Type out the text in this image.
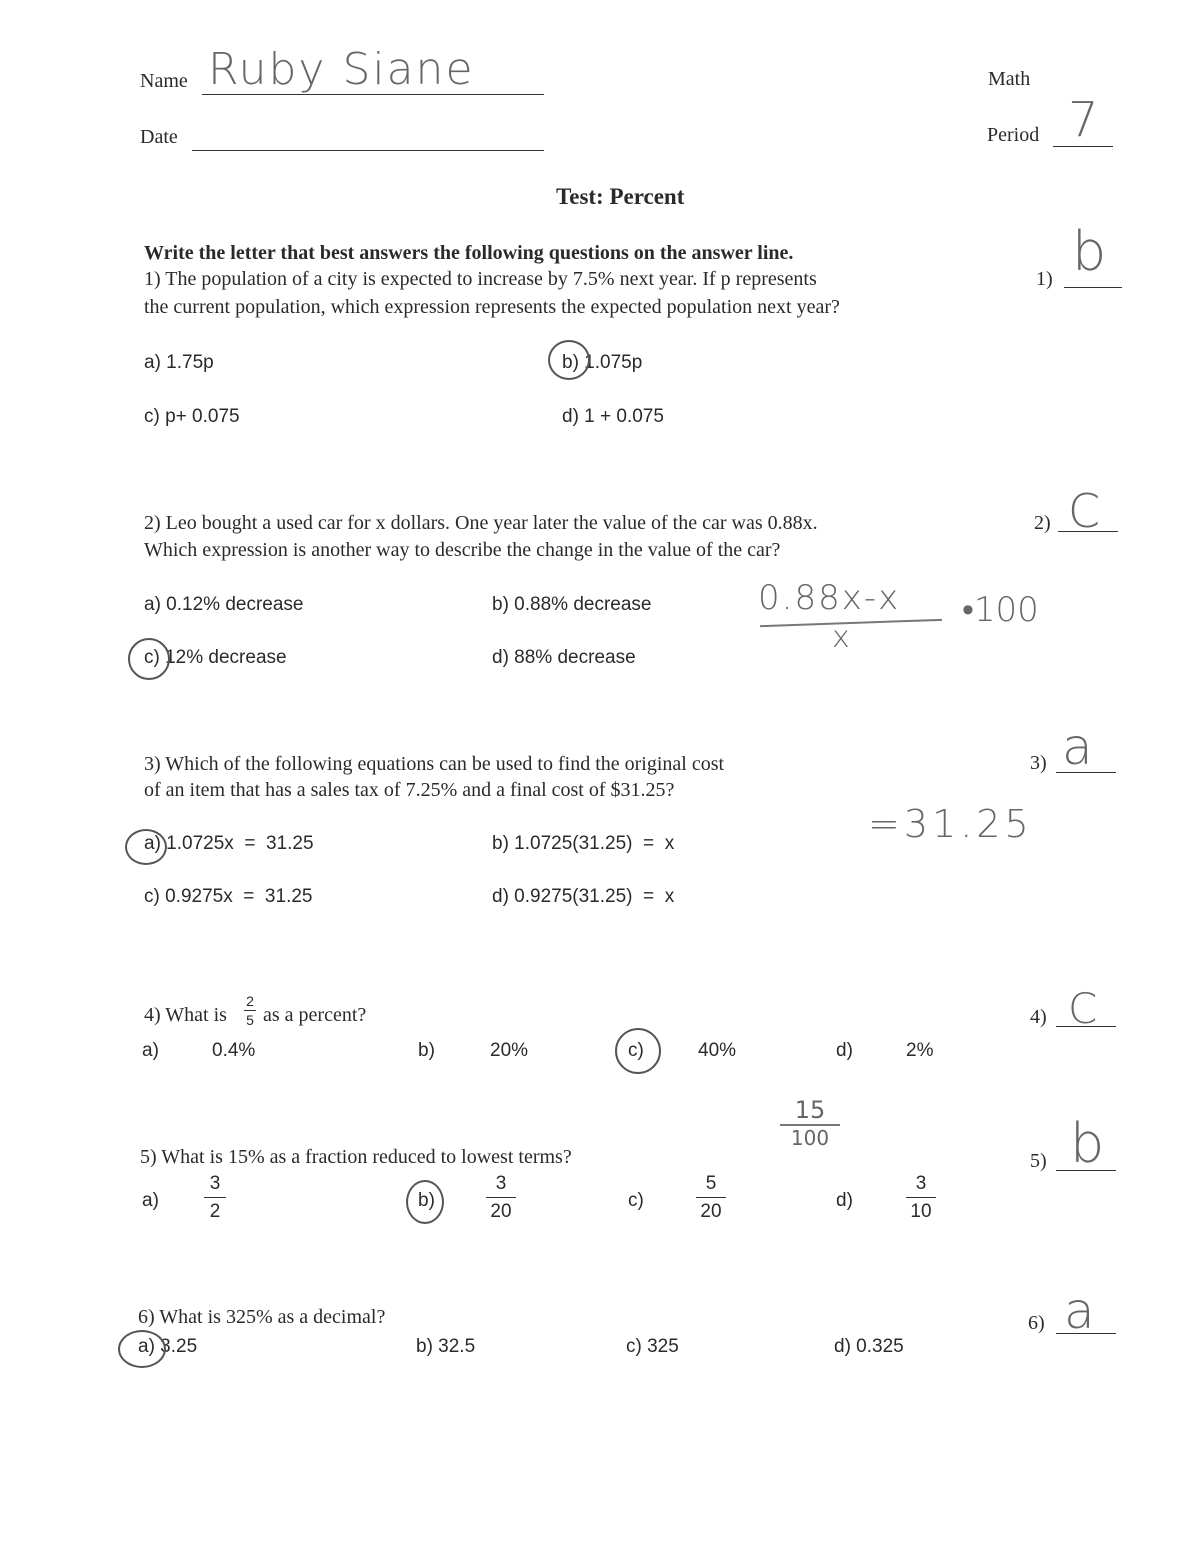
Name Ruby Siane
Date
Math
Period 7
Test: Percent
Write the letter that best answers the following questions on the answer line.
1) The population of a city is expected to increase by 7.5% next year. If p represents
the current population, which expression represents the expected population next year?
a) 1.75p	b) 1.075p
c) p+ 0.075	d) 1 + 0.075
1) b
2) Leo bought a used car for x dollars. One year later the value of the car was 0.88x.
Which expression is another way to describe the change in the value of the car?
a) 0.12% decrease	b) 0.88% decrease
c) 12% decrease	d) 88% decrease
0.88x-x
x
•100
2) C
3) Which of the following equations can be used to find the original cost
of an item that has a sales tax of 7.25% and a final cost of $31.25?
a) 1.0725x  =  31.25	b) 1.0725(31.25)  =  x
c) 0.9275x  =  31.25	d) 0.9275(31.25)  =  x
=31.25
3) a
4) What is
2
5 as a percent?
a)	0.4%	b)	20%	c)	40%	d)	2%
4) C
15
100
5) What is 15% as a fraction reduced to lowest terms?
a)
3
2
b)
3
20
c)
5
20
d)
3
10
5) b
6) What is 325% as a decimal?
a) 3.25	b) 32.5	c) 325	d) 0.325
6) a
